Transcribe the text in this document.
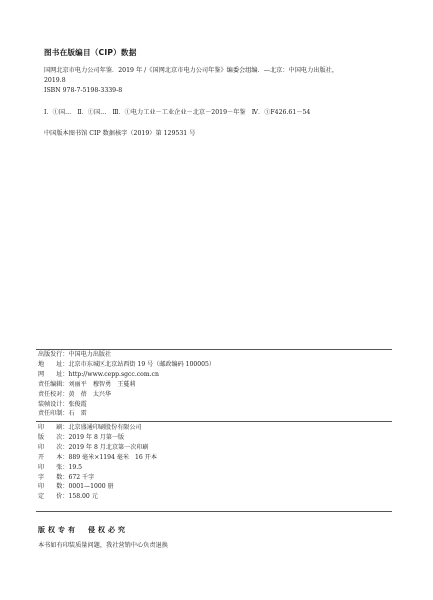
图书在版编目（CIP）数据

国网北京市电力公司年鉴．2019 年 /《国网北京市电力公司年鉴》编委会组编．—北京：中国电力出版社，

2019.8

ISBN 978-7-5198-3339-8

Ⅰ．①国…　Ⅱ．①国…　Ⅲ．①电力工业－工业企业－北京－2019－年鉴　Ⅳ．①F426.61－54

中国版本图书馆 CIP 数据核字（2019）第 129531 号

出版发行：中国电力出版社
地　　址：北京市东城区北京站西街 19 号（邮政编码 100005）
网　　址：http://www.cepp.sgcc.com.cn
责任编辑：刘丽平　穆智勇　王蔓莉
责任校对：黄　蓓　太兴华
装帧设计：张俊霞
责任印制：石　雷
印　　刷：北京盛通印刷股份有限公司
版　　次：2019 年 8 月第一版
印　　次：2019 年 8 月北京第一次印刷
开　　本：889 毫米×1194 毫米　16 开本
印　　张：19.5
字　　数：672 千字
印　　数：0001—1000 册
定　　价：158.00 元
版权专有　侵权必究
本书如有印装质量问题，我社营销中心负责退换
